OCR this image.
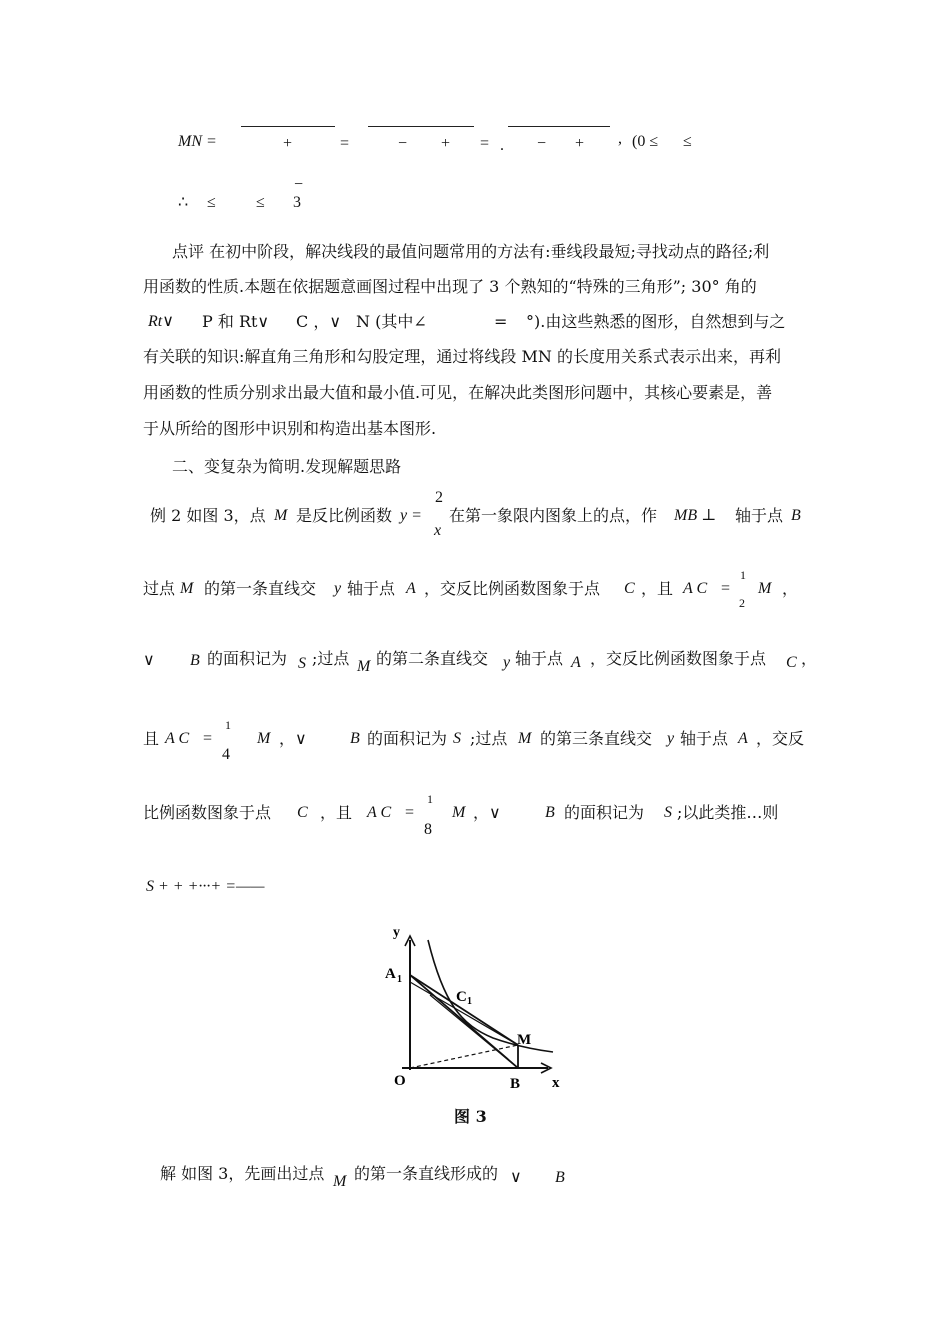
MN =	+	=	− + = . − + , (0 ≤ ≤
∴ ≤	≤
−
3
点评 在初中阶段，解决线段的最值问题常用的方法有:垂线段最短;寻找动点的路径;利
用函数的性质.本题在依据题意画图过程中出现了 3 个熟知的“特殊的三角形”; 30° 角的
Rt∨ P 和 Rt∨ C ，∨ N (其中∠	= °).由这些熟悉的图形，自然想到与之
有关联的知识:解直角三角形和勾股定理，通过将线段 MN 的长度用关系式表示出来，再利
用函数的性质分别求出最大值和最小值.可见，在解决此类图形问题中，其核心要素是，善
于从所给的图形中识别和构造出基本图形.
二、变复杂为简明.发现解题思路
例 2 如图 3，点 M 是反比例函数 y =
2
x
在第一象限内图象上的点，作 MB ⊥ 轴于点 B
过点 M 的第一条直线交 y 轴于点 A ，交反比例函数图象于点 C ，且 A C =
1
2
M ，
∨ B 的面积记为 S ;过点 M 的第二条直线交 y 轴于点 A ，交反比例函数图象于点 C ，
且 A C =
1
4
M ，∨	B 的面积记为 S ;过点 M 的第三条直线交 y 轴于点 A ，交反
比例函数图象于点 C ，且 A C =
1
8
M ，∨	B 的面积记为 S ;以此类推…则
S + + +···+ =——
y
A 1
C 1
M
O	B x
图 3
解 如图 3，先画出过点 M 的第一条直线形成的 ∨ B
